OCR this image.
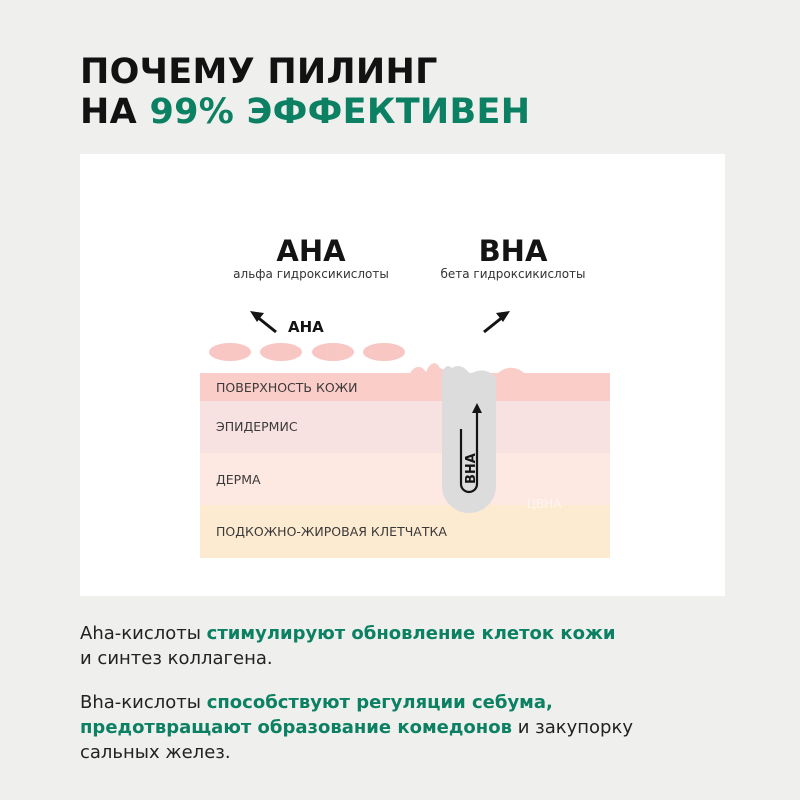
ПОЧЕМУ ПИЛИНГ
НА 99% ЭФФЕКТИВЕН
AHA
альфа гидроксикислоты
BHA
бета гидроксикислоты
AHA
BHA
ЦВНА
ПОВЕРХНОСТЬ КОЖИ
ЭПИДЕРМИС
ДЕРМА
ПОДКОЖНО-ЖИРОВАЯ КЛЕТЧАТКА
Aha-кислоты стимулируют обновление клеток кожи
и синтез коллагена.
Bha-кислоты способствуют регуляции себума,
предотвращают образование комедонов и закупорку
сальных желез.
